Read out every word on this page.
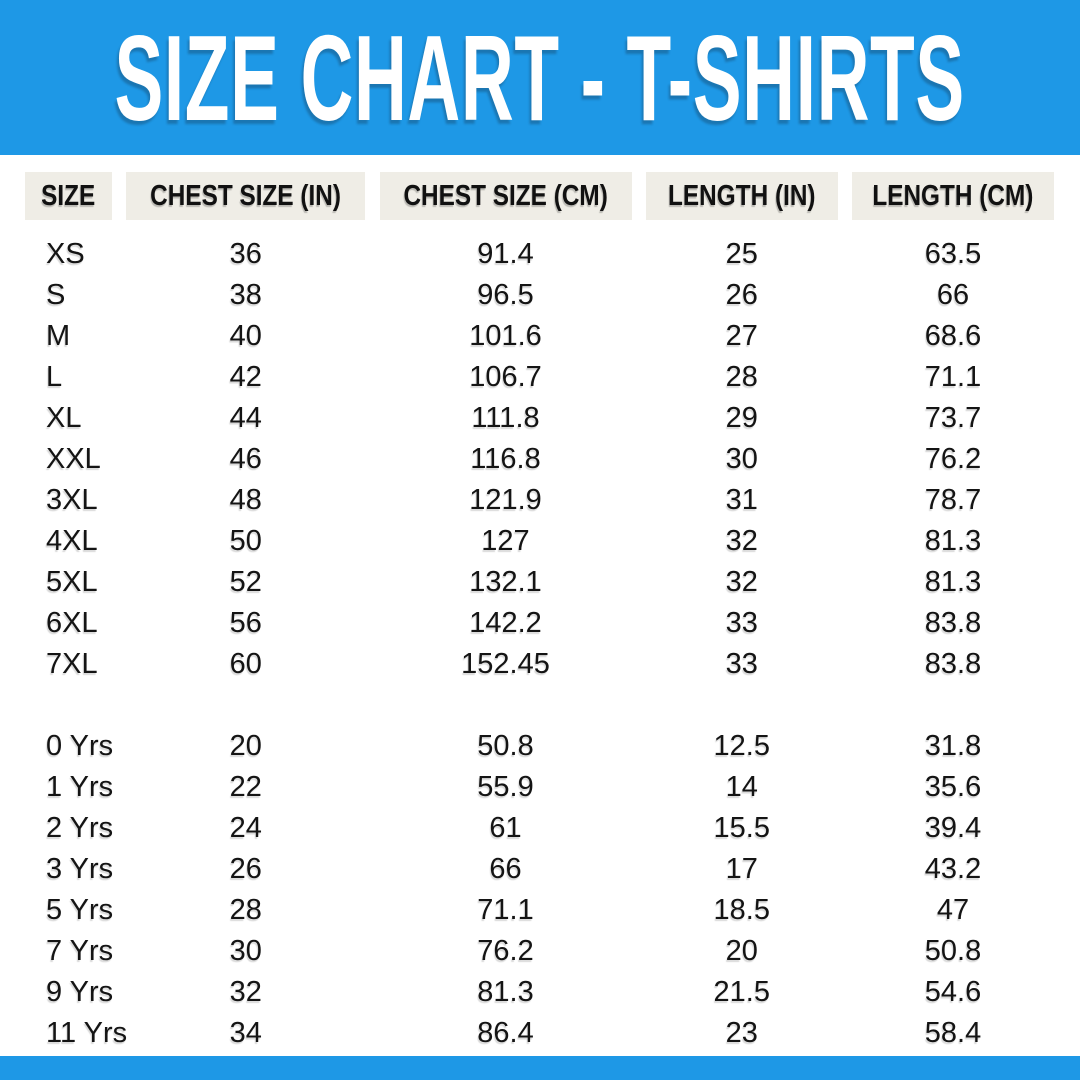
SIZE CHART - T-SHIRTS
SIZE CHEST SIZE (IN) CHEST SIZE (CM) LENGTH (IN) LENGTH (CM)
XS	36	91.4	25	63.5
S	38	96.5	26	66
M	40	101.6	27	68.6
L	42	106.7	28	71.1
XL	44	111.8	29	73.7
XXL	46	116.8	30	76.2
3XL	48	121.9	31	78.7
4XL	50	127	32	81.3
5XL	52	132.1	32	81.3
6XL	56	142.2	33	83.8
7XL	60	152.45	33	83.8
0 Yrs	20	50.8	12.5	31.8
1 Yrs	22	55.9	14	35.6
2 Yrs	24	61	15.5	39.4
3 Yrs	26	66	17	43.2
5 Yrs	28	71.1	18.5	47
7 Yrs	30	76.2	20	50.8
9 Yrs	32	81.3	21.5	54.6
11 Yrs	34	86.4	23	58.4
